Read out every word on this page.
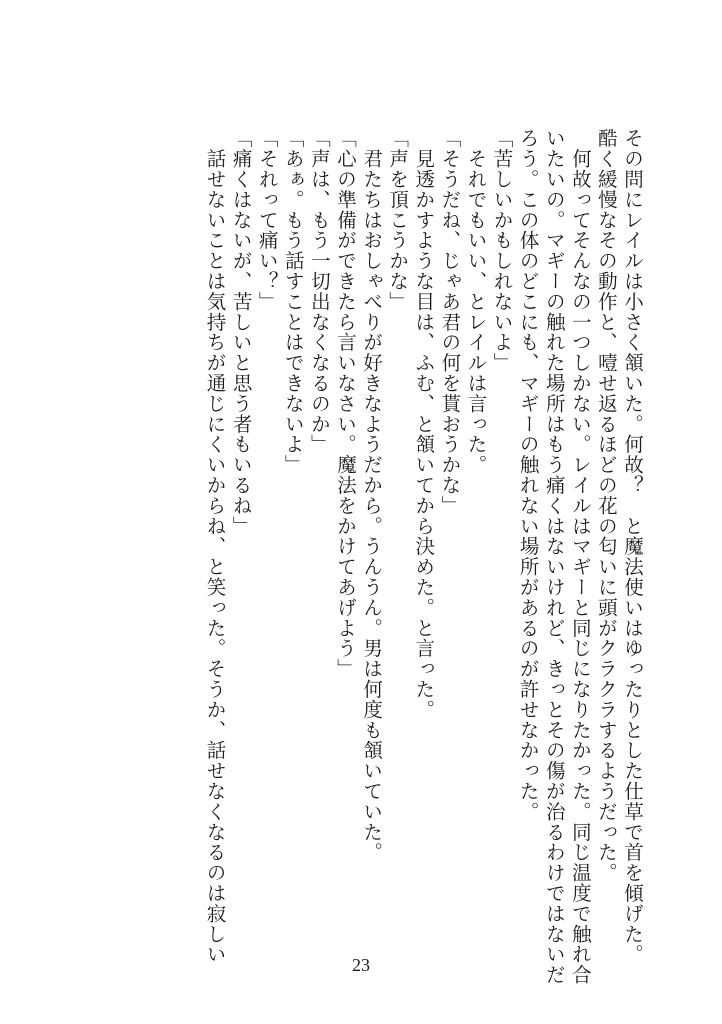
その問にレイルは小さく頷いた。何故？　と魔法使いはゆったりとした仕草で首を傾げた。

酷く緩慢なその動作と、噎せ返るほどの花の匂いに頭がクラクラするようだった。

　何故ってそんなの一つしかない。レイルはマギーと同じになりたかった。同じ温度で触れ合

いたいの。マギーの触れた場所はもう痛くはないけれど、きっとその傷が治るわけではないだ

ろう。この体のどこにも、マギーの触れない場所があるのが許せなかった。

「苦しいかもしれないよ」

　それでもいい、とレイルは言った。

「そうだね、じゃあ君の何を貰おうかな」

　見透かすような目は、ふむ、と頷いてから決めた。と言った。

「声を頂こうかな」

　君たちはおしゃべりが好きなようだから。うんうん。男は何度も頷いていた。

「心の準備ができたら言いなさい。魔法をかけてあげよう」

「声は、もう一切出なくなるのか」

「あぁ。もう話すことはできないよ」

「それって痛い？」

「痛くはないが、苦しいと思う者もいるね」

　話せないことは気持ちが通じにくいからね、と笑った。そうか、話せなくなるのは寂しい

23
